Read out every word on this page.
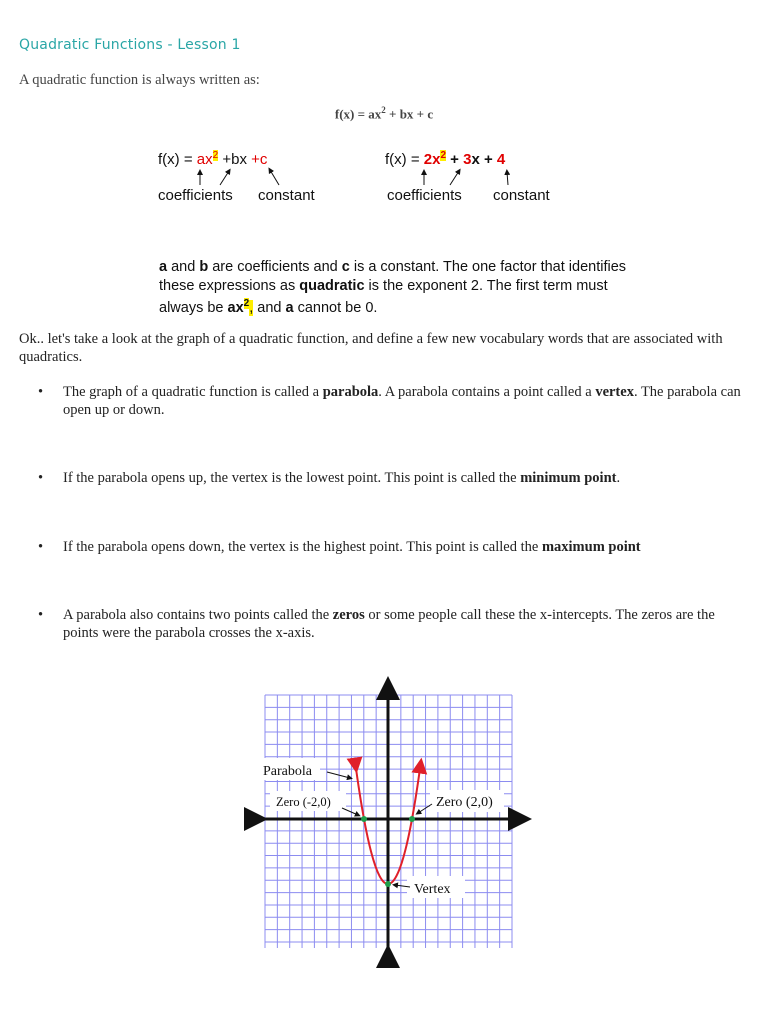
Quadratic Functions - Lesson 1
A quadratic function is always written as:
$f(x) = ax^2$ + bx + c
$f(x) = ax^2 +bx +c$
coefficients constant
$f(x) = 2x^2 + 3x + 4$
coefficients constant
a and b are coefficients and c is a constant. The one factor that identifies these expressions as quadratic is the exponent 2. The first term must always be $ax^2$, and a cannot be 0.
Ok.. let's take a look at the graph of a quadratic function, and define a few new vocabulary words that are associated with quadratics.
• The graph of a quadratic function is called a parabola. A parabola contains a point called a vertex. The parabola can open up or down.
• If the parabola opens up, the vertex is the lowest point. This point is called the minimum point.
• If the parabola opens down, the vertex is the highest point. This point is called the maximum point
• A parabola also contains two points called the zeros or some people call these the x-intercepts. The zeros are the points were the parabola crosses the x-axis.
Parabola
Zero (-2,0)	Zero (2,0)
Vertex
